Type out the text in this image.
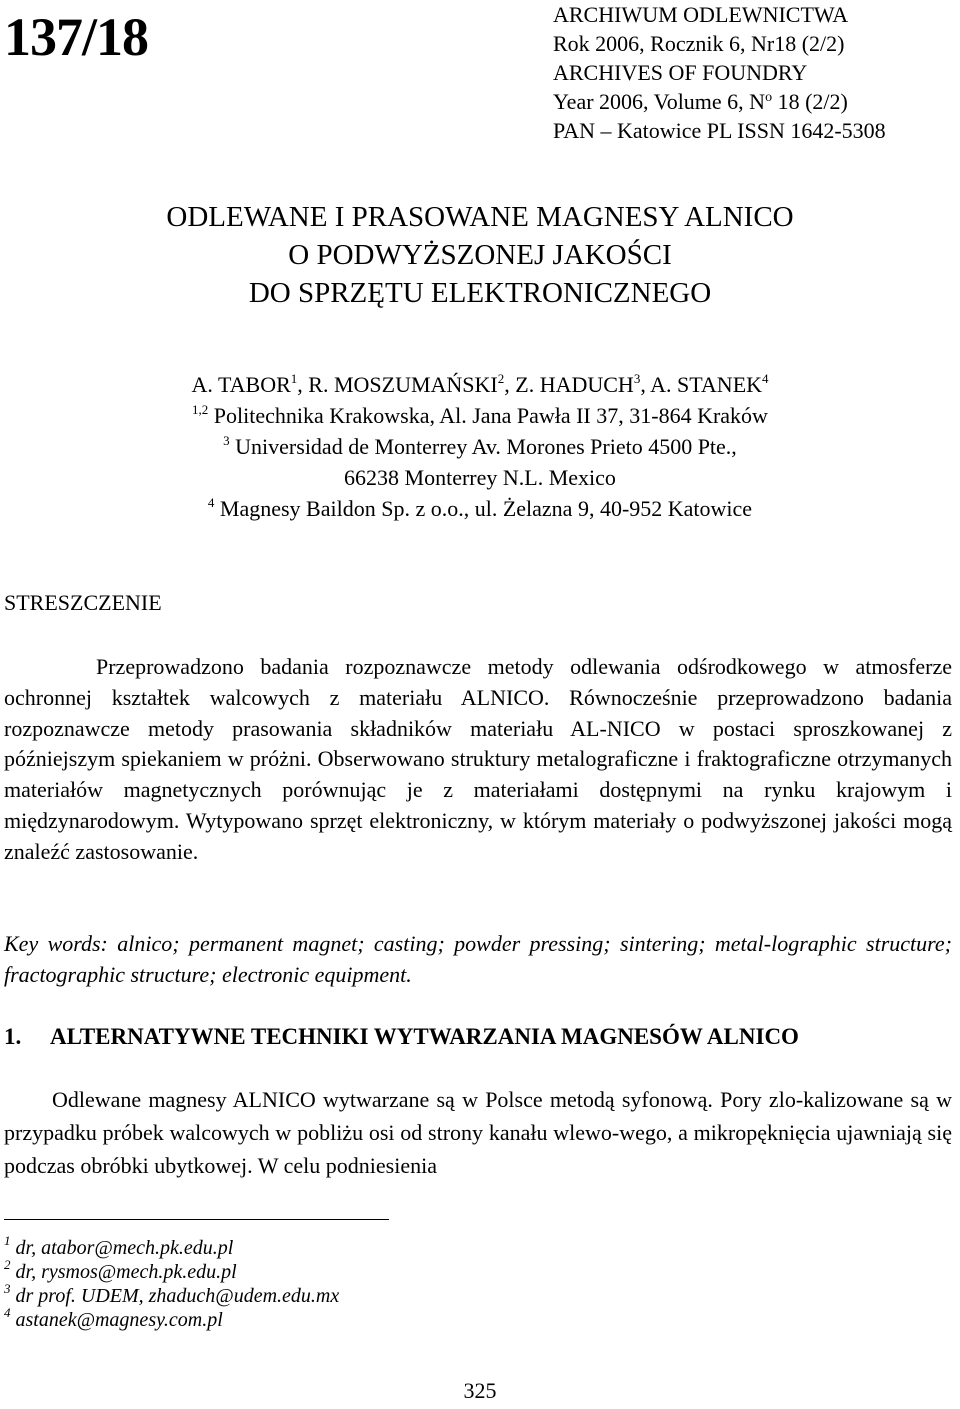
137/18	ARCHIWUM ODLEWNICTWA
Rok 2006, Rocznik 6, Nr18 (2/2)
ARCHIVES OF FOUNDRY
Year 2006, Volume 6, $N^o$ 18 (2/2)
PAN – Katowice PL ISSN 1642-5308
ODLEWANE I PRASOWANE MAGNESY ALNICO
O PODWYŻSZONEJ JAKOŚCI
DO SPRZĘTU ELEKTRONICZNEGO
A. TABOR$^1$, R. MOSZUMAŃSKI$^2$, Z. HADUCH$^3$, A. STANEK$^4$
$^{1,2}$ Politechnika Krakowska, Al. Jana Pawła II 37, 31-864 Kraków
$^3$ Universidad de Monterrey Av. Morones Prieto 4500 Pte.,
66238 Monterrey N.L. Mexico
$^4$ Magnesy Baildon Sp. z o.o., ul. Żelazna 9, 40-952 Katowice
STRESZCZENIE

Przeprowadzono badania rozpoznawcze metody odlewania odśrodkowego w atmosferze ochronnej kształtek walcowych z materiału ALNICO. Równocześnie przeprowadzono badania rozpoznawcze metody prasowania składników materiału AL-NICO w postaci sproszkowanej z późniejszym spiekaniem w próżni. Obserwowano struktury metalograficzne i fraktograficzne otrzymanych materiałów magnetycznych porównując je z materiałami dostępnymi na rynku krajowym i międzynarodowym. Wytypowano sprzęt elektroniczny, w którym materiały o podwyższonej jakości mogą znaleźć zastosowanie.

Key words: alnico; permanent magnet; casting; powder pressing; sintering; metal-lographic structure; fractographic structure; electronic equipment.

1. ALTERNATYWNE TECHNIKI WYTWARZANIA MAGNESÓW ALNICO

Odlewane magnesy ALNICO wytwarzane są w Polsce metodą syfonową. Pory zlo-kalizowane są w przypadku próbek walcowych w pobliżu osi od strony kanału wlewo-wego, a mikropęknięcia ujawniają się podczas obróbki ubytkowej. W celu podniesienia

$^1$ dr, atabor@mech.pk.edu.pl
$^2$ dr, rysmos@mech.pk.edu.pl
$^3$ dr prof. UDEM, zhaduch@udem.edu.mx
$^4$ astanek@magnesy.com.pl
325
